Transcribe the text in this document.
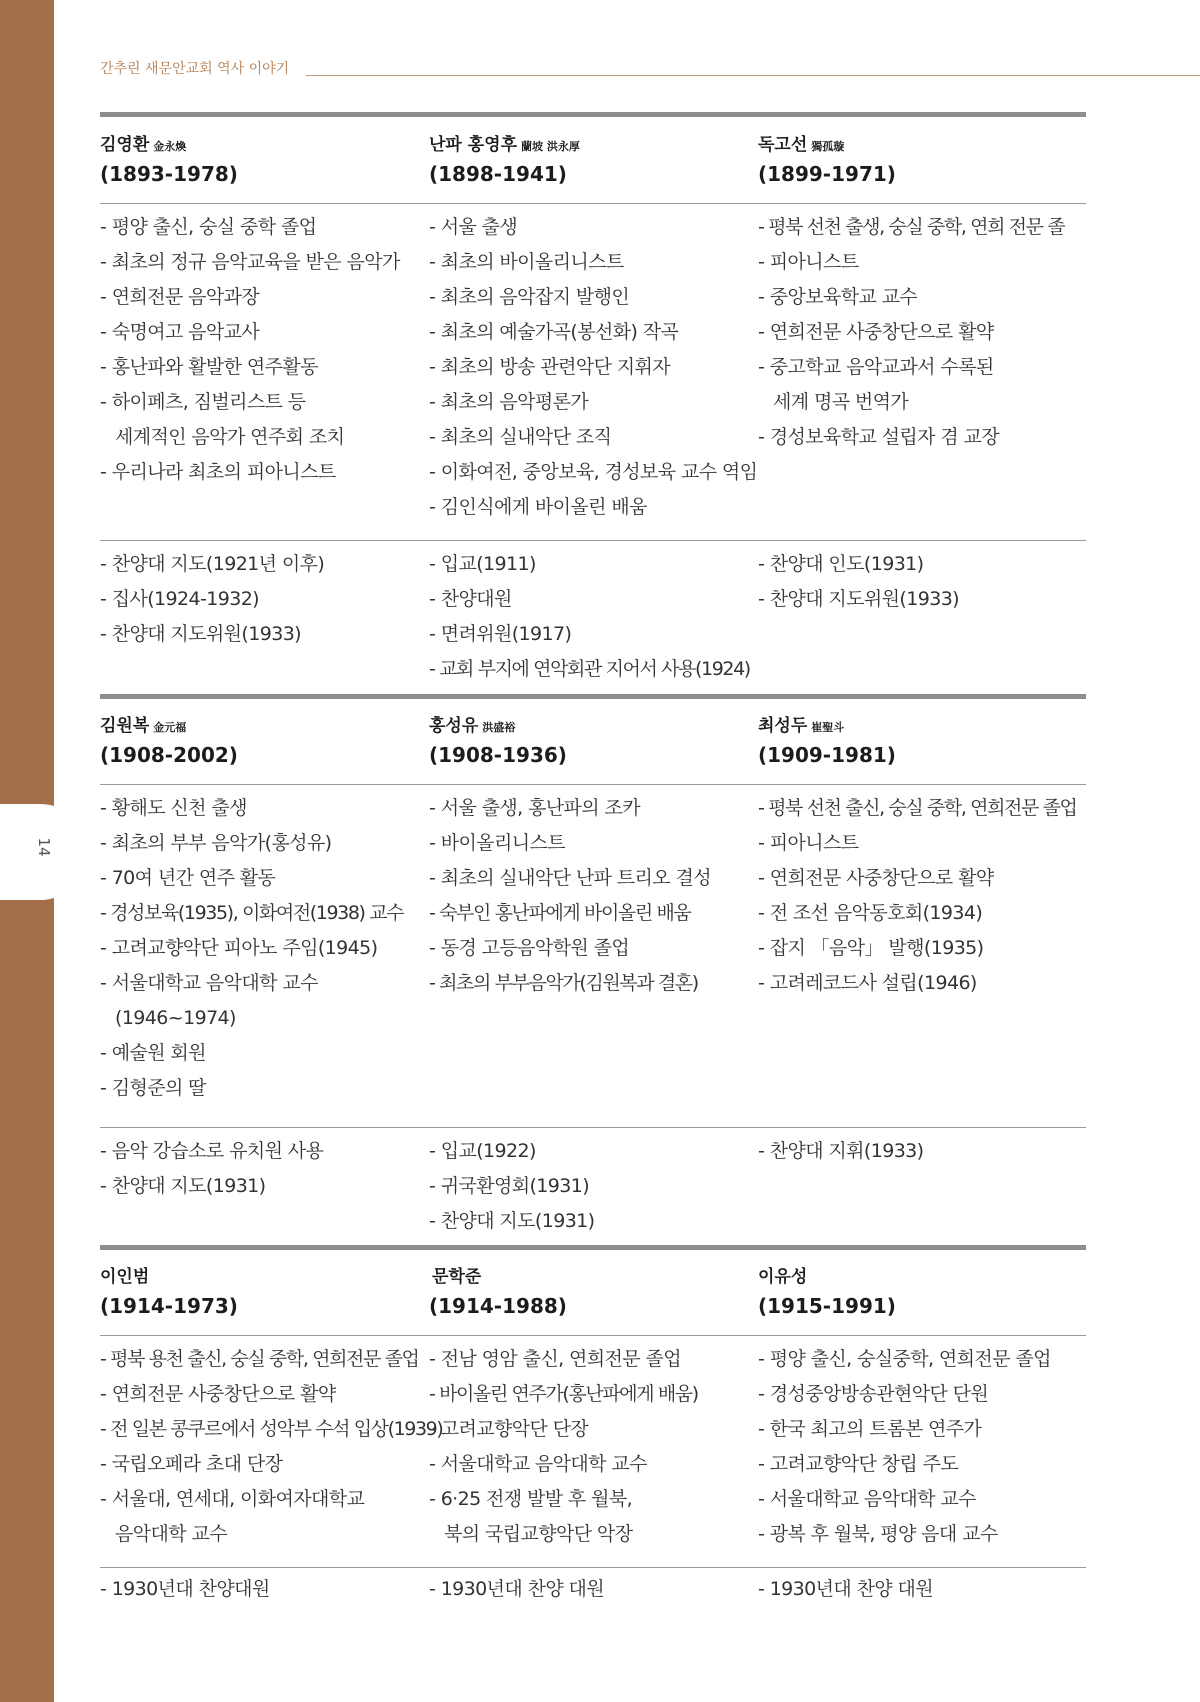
14
간추린 새문안교회 역사 이야기
김영환 金永煥
(1893-1978)
난파 홍영후 蘭坡 洪永厚
(1898-1941)
독고선 獨孤璇
(1899-1971)
- 평양 출신, 숭실 중학 졸업
- 최초의 정규 음악교육을 받은 음악가
- 연희전문 음악과장
- 숙명여고 음악교사
- 홍난파와 활발한 연주활동
- 하이페츠, 짐벌리스트 등
세계적인 음악가 연주회 조치
- 우리나라 최초의 피아니스트
- 서울 출생
- 최초의 바이올리니스트
- 최초의 음악잡지 발행인
- 최초의 예술가곡(봉선화) 작곡
- 최초의 방송 관련악단 지휘자
- 최초의 음악평론가
- 최초의 실내악단 조직
- 이화여전, 중앙보육, 경성보육 교수 역임
- 김인식에게 바이올린 배움
- 평북 선천 출생, 숭실 중학, 연희 전문 졸
- 피아니스트
- 중앙보육학교 교수
- 연희전문 사중창단으로 활약
- 중고학교 음악교과서 수록된
세계 명곡 번역가
- 경성보육학교 설립자 겸 교장
- 찬양대 지도(1921년 이후)
- 집사(1924-1932)
- 찬양대 지도위원(1933)
- 입교(1911)
- 찬양대원
- 면려위원(1917)
- 교회 부지에 연악회관 지어서 사용(1924)
- 찬양대 인도(1931)
- 찬양대 지도위원(1933)
김원복 金元福
(1908-2002)
홍성유 洪盛裕
(1908-1936)
최성두 崔聖斗
(1909-1981)
- 황해도 신천 출생
- 최초의 부부 음악가(홍성유)
- 70여 년간 연주 활동
- 경성보육(1935), 이화여전(1938) 교수
- 고려교향악단 피아노 주임(1945)
- 서울대학교 음악대학 교수
(1946~1974)
- 예술원 회원
- 김형준의 딸
- 서울 출생, 홍난파의 조카
- 바이올리니스트
- 최초의 실내악단 난파 트리오 결성
- 숙부인 홍난파에게 바이올린 배움
- 동경 고등음악학원 졸업
- 최초의 부부음악가(김원복과 결혼)
- 평북 선천 출신, 숭실 중학, 연희전문 졸업
- 피아니스트
- 연희전문 사중창단으로 활약
- 전 조선 음악동호회(1934)
- 잡지 「음악」 발행(1935)
- 고려레코드사 설립(1946)
- 음악 강습소로 유치원 사용
- 찬양대 지도(1931)
- 입교(1922)
- 귀국환영회(1931)
- 찬양대 지도(1931)
- 찬양대 지휘(1933)
이인범
(1914-1973)
문학준
(1914-1988)
이유성
(1915-1991)
- 평북 용천 출신, 숭실 중학, 연희전문 졸업
- 연희전문 사중창단으로 활약
- 전 일본 콩쿠르에서 성악부 수석 입상(1939)
- 국립오페라 초대 단장
- 서울대, 연세대, 이화여자대학교
음악대학 교수
- 전남 영암 출신, 연희전문 졸업
- 바이올린 연주가(홍난파에게 배움)
- 고려교향악단 단장
- 서울대학교 음악대학 교수
- 6·25 전쟁 발발 후 월북,
북의 국립교향악단 악장
- 평양 출신, 숭실중학, 연희전문 졸업
- 경성중앙방송관현악단 단원
- 한국 최고의 트롬본 연주가
- 고려교향악단 창립 주도
- 서울대학교 음악대학 교수
- 광복 후 월북, 평양 음대 교수
- 1930년대 찬양대원	- 1930년대 찬양 대원	- 1930년대 찬양 대원
